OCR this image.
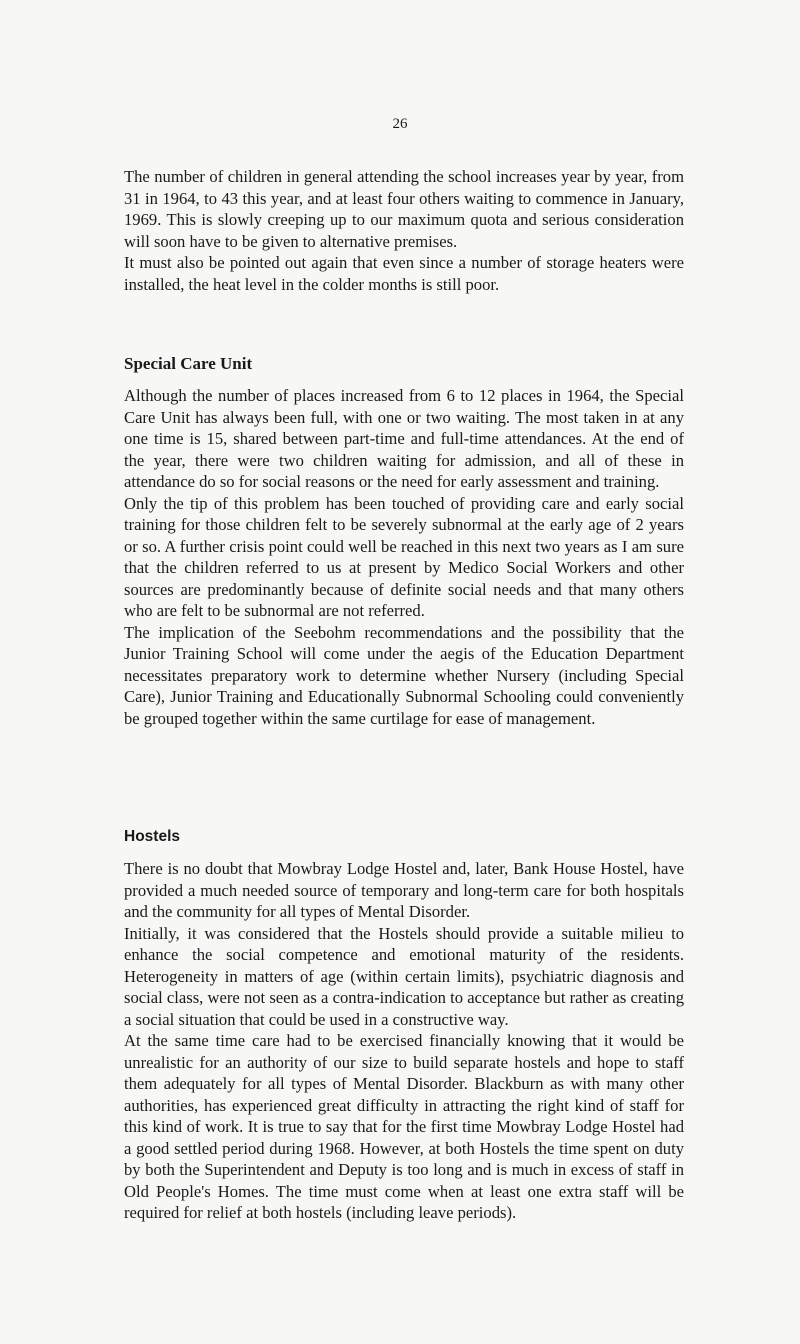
26

The number of children in general attending the school increases year by year, from 31 in 1964, to 43 this year, and at least four others waiting to commence in January, 1969. This is slowly creeping up to our maximum quota and serious consideration will soon have to be given to alternative premises.

It must also be pointed out again that even since a number of storage heaters were installed, the heat level in the colder months is still poor.

Special Care Unit

Although the number of places increased from 6 to 12 places in 1964, the Special Care Unit has always been full, with one or two waiting. The most taken in at any one time is 15, shared between part-time and full-time attendances. At the end of the year, there were two children waiting for admission, and all of these in attendance do so for social reasons or the need for early assessment and training.

Only the tip of this problem has been touched of providing care and early social training for those children felt to be severely subnormal at the early age of 2 years or so. A further crisis point could well be reached in this next two years as I am sure that the children referred to us at present by Medico Social Workers and other sources are predominantly because of definite social needs and that many others who are felt to be subnormal are not referred.

The implication of the Seebohm recommendations and the possibility that the Junior Training School will come under the aegis of the Education Department necessitates preparatory work to determine whether Nursery (including Special Care), Junior Training and Educationally Subnormal Schooling could conveniently be grouped together within the same curtilage for ease of management.

Hostels

There is no doubt that Mowbray Lodge Hostel and, later, Bank House Hostel, have provided a much needed source of temporary and long-term care for both hospitals and the community for all types of Mental Disorder.

Initially, it was considered that the Hostels should provide a suitable milieu to enhance the social competence and emotional maturity of the residents. Heterogeneity in matters of age (within certain limits), psychiatric diagnosis and social class, were not seen as a contra-indication to acceptance but rather as creating a social situation that could be used in a constructive way.

At the same time care had to be exercised financially knowing that it would be unrealistic for an authority of our size to build separate hostels and hope to staff them adequately for all types of Mental Disorder. Blackburn as with many other authorities, has experienced great difficulty in attracting the right kind of staff for this kind of work. It is true to say that for the first time Mowbray Lodge Hostel had a good settled period during 1968. However, at both Hostels the time spent on duty by both the Superintendent and Deputy is too long and is much in excess of staff in Old People's Homes. The time must come when at least one extra staff will be required for relief at both hostels (including leave periods).
